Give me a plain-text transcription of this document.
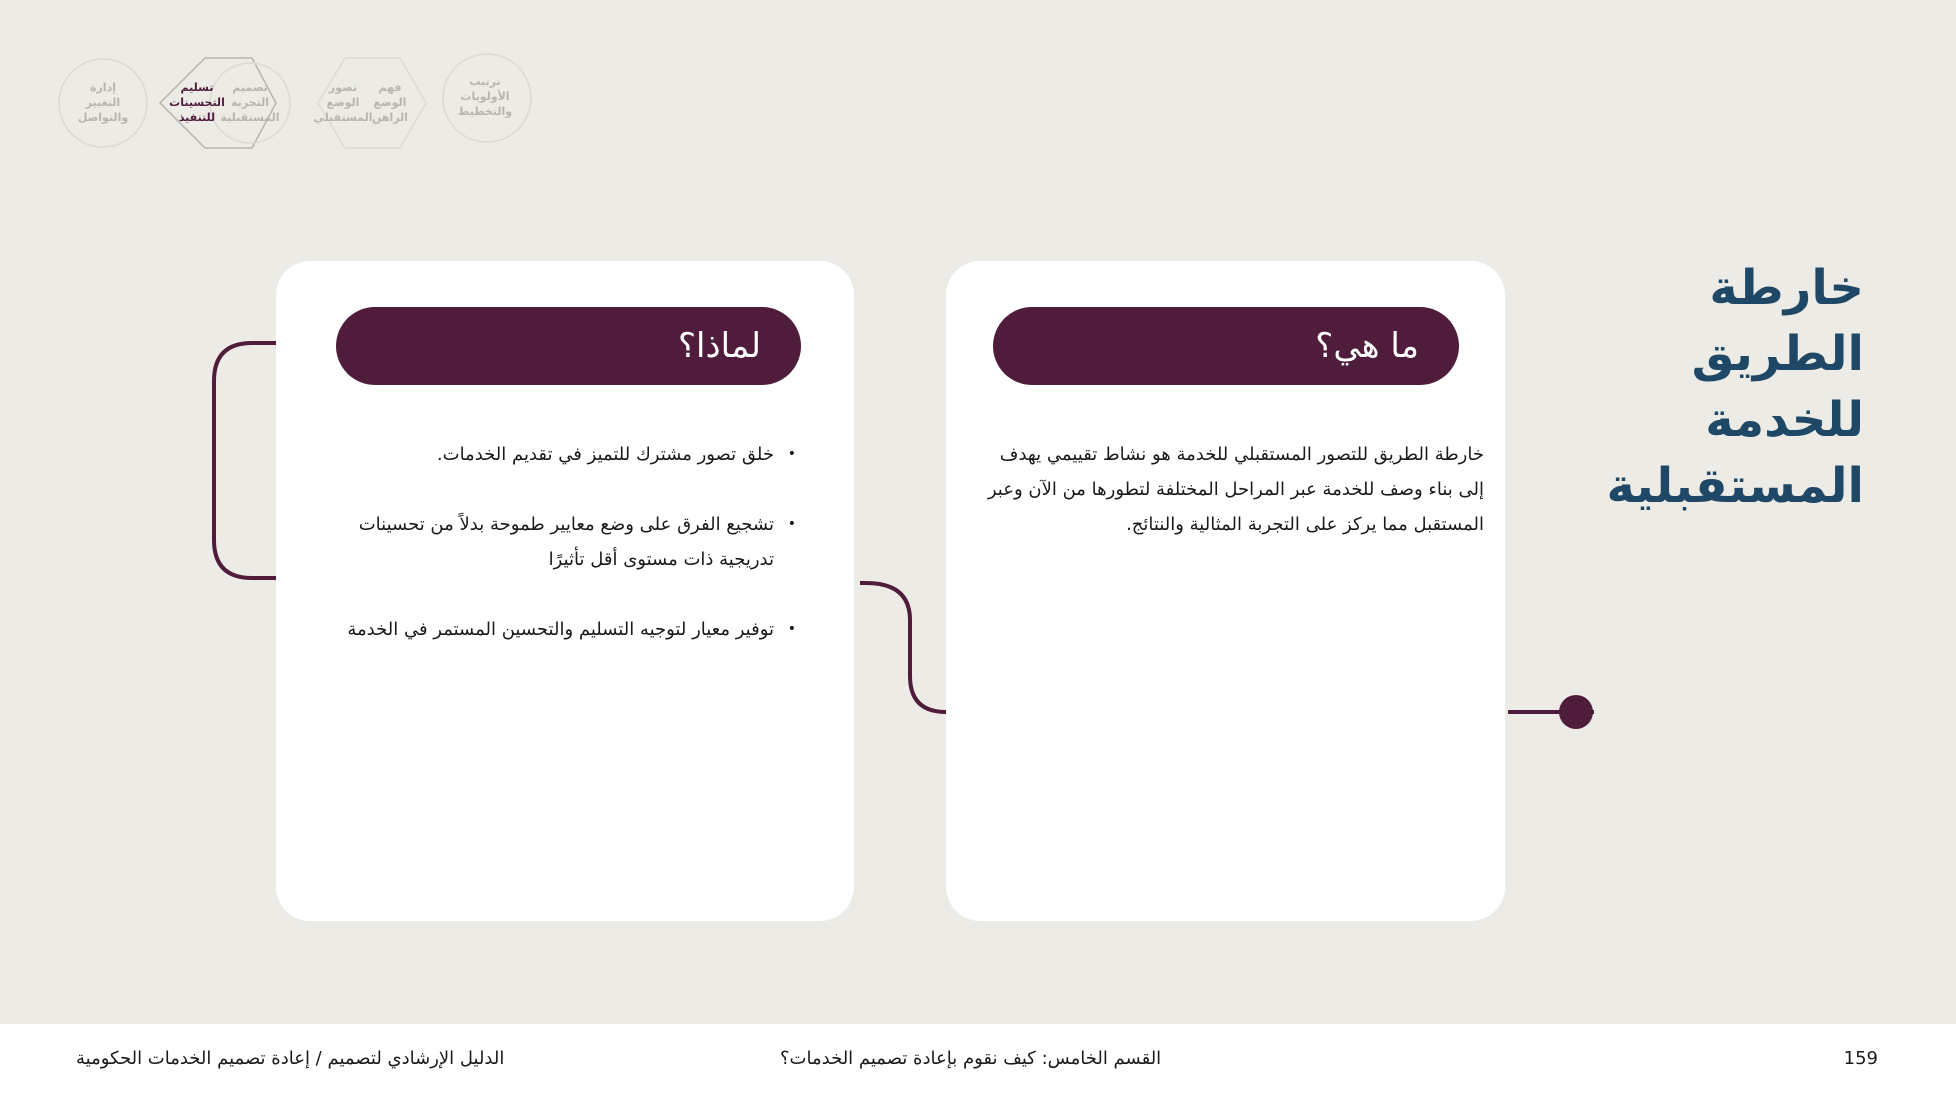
إدارة
التغيير
والتواصل
تسليم
التحسينات
للتنفيذ
تصميم
التجربة
المستقبلية
تصور
الوضع
المستقبلي
فهم
الوضع
الراهن
ترتيب
الأولويات
والتخطيط
خارطة الطريق للخدمة المستقبلية
ما هي؟

خارطة الطريق للتصور المستقبلي للخدمة هو نشاط تقييمي يهدف إلى بناء وصف للخدمة عبر المراحل المختلفة لتطورها من الآن وعبر المستقبل مما يركز على التجربة المثالية والنتائج.

لماذا؟
• خلق تصور مشترك للتميز في تقديم الخدمات.
• تشجيع الفرق على وضع معايير طموحة بدلاً من تحسينات تدريجية ذات مستوى أقل تأثيرًا
• توفير معيار لتوجيه التسليم والتحسين المستمر في الخدمة
الدليل الإرشادي لتصميم / إعادة تصميم الخدمات الحكومية	القسم الخامس: كيف نقوم بإعادة تصميم الخدمات؟	159
